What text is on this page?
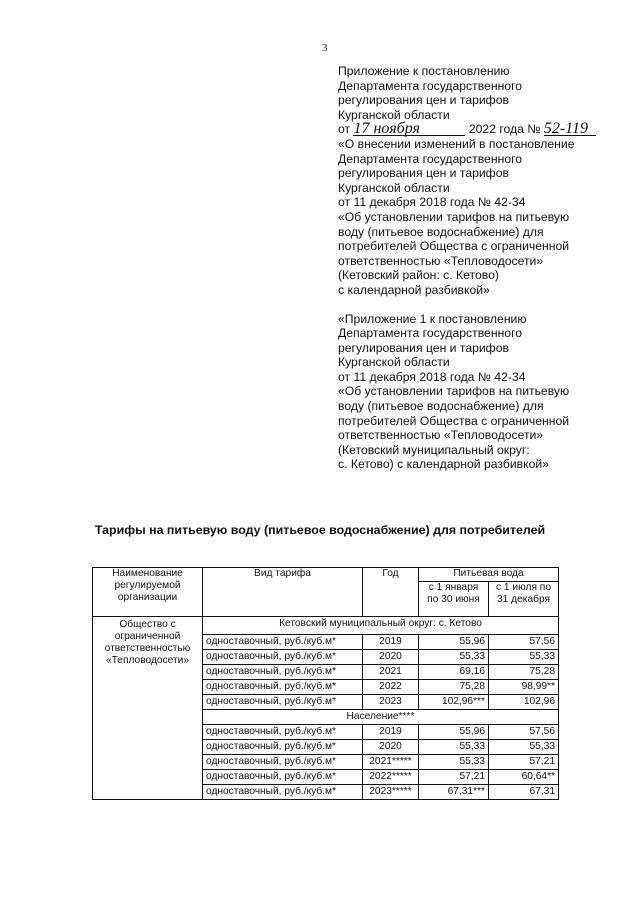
3
Приложение к постановлению
Департамента государственного
регулирования цен и тарифов
Курганской области
от 17 ноября	2022 года № 52-119
«О внесении изменений в постановление
Департамента государственного
регулирования цен и тарифов
Курганской области
от 11 декабря 2018 года № 42-34
«Об установлении тарифов на питьевую
воду (питьевое водоснабжение) для
потребителей Общества с ограниченной
ответственностью «Тепловодосети»
(Кетовский район: с. Кетово)
с календарной разбивкой»
«Приложение 1 к постановлению
Департамента государственного
регулирования цен и тарифов
Курганской области
от 11 декабря 2018 года № 42-34
«Об установлении тарифов на питьевую
воду (питьевое водоснабжение) для
потребителей Общества с ограниченной
ответственностью «Тепловодосети»
(Кетовский муниципальный округ:
с. Кетово) с календарной разбивкой»
Тарифы на питьевую воду (питьевое водоснабжение) для потребителей
Наименование регулируемой организации	Вид тарифа	Год	Питьевая вода	
			с 1 января по 30 июня	с 1 июля по 31 декабря
Общество с ограниченной ответственностью «Тепловодосети»	Кетовский муниципальный округ: с. Кетово			
	одноставочный, руб./куб.м*	2019	55,96	57,56
	одноставочный, руб./куб.м*	2020	55,33	55,33
	одноставочный, руб./куб.м*	2021	69,16	75,28
	одноставочный, руб./куб.м*	2022	75,28	98,99**
	одноставочный, руб./куб.м*	2023	102,96***	102,96
	Население****			
	одноставочный, руб./куб.м*	2019	55,96	57,56
	одноставочный, руб./куб.м*	2020	55,33	55,33
	одноставочный, руб./куб.м*	2021*****	55,33	57,21
	одноставочный, руб./куб.м*	2022*****	57,21	60,64**
	одноставочный, руб./куб.м*	2023*****	67,31***	67,31
